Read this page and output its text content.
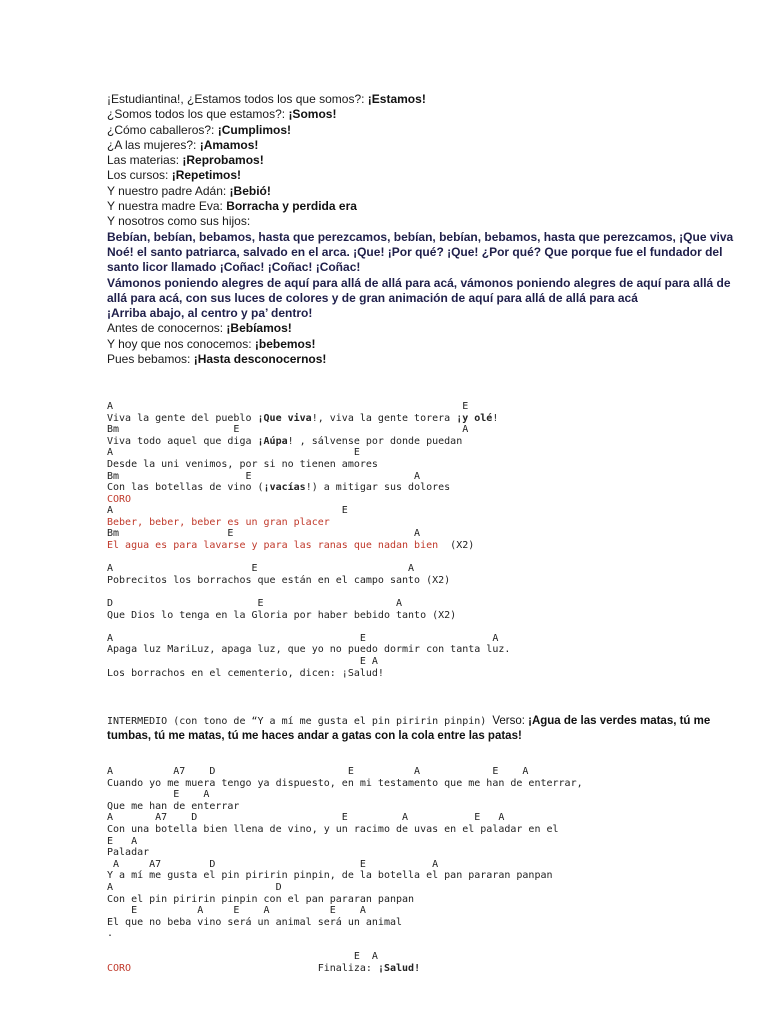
¡Estudiantina!, ¿Estamos todos los que somos?: ¡Estamos!
¿Somos todos los que estamos?: ¡Somos!
¿Cómo caballeros?: ¡Cumplimos!
¿A las mujeres?: ¡Amamos!
Las materias: ¡Reprobamos!
Los cursos: ¡Repetimos!
Y nuestro padre Adán: ¡Bebió!
Y nuestra madre Eva: Borracha y perdida era
Y nosotros como sus hijos:
Bebían, bebían, bebamos, hasta que perezcamos, bebían, bebían, bebamos, hasta que perezcamos, ¡Que viva Noé! el santo patriarca, salvado en el arca. ¡Que! ¡Por qué? ¡Que! ¿Por qué? Que porque fue el fundador del santo licor llamado ¡Coñac! ¡Coñac! ¡Coñac!
Vámonos poniendo alegres de aquí para allá de allá para acá, vámonos poniendo alegres de aquí para allá de allá para acá, con sus luces de colores y de gran animación de aquí para allá de allá para acá
¡Arriba abajo, al centro y pa’ dentro!
Antes de conocernos: ¡Bebíamos!
Y hoy que nos conocemos: ¡bebemos!
Pues bebamos: ¡Hasta desconocernos!

A                                                          E
Viva la gente del pueblo ¡Que viva!, viva la gente torera ¡y olé!
Bm                   E                                     A
Viva todo aquel que diga ¡Aúpa! , sálvense por donde puedan
A                                        E
Desde la uni venimos, por si no tienen amores
Bm                     E                           A
Con las botellas de vino (¡vacías!) a mitigar sus dolores
CORO
A                                      E
Beber, beber, beber es un gran placer
Bm                  E                              A
El agua es para lavarse y para las ranas que nadan bien  (X2)
A                       E                         A
Pobrecitos los borrachos que están en el campo santo (X2)
D                        E                      A
Que Dios lo tenga en la Gloria por haber bebido tanto (X2)
A                                         E                     A
Apaga luz MariLuz, apaga luz, que yo no puedo dormir con tanta luz.
E A
Los borrachos en el cementerio, dicen: ¡Salud!

INTERMEDIO (con tono de “Y a mí me gusta el pin piririn pinpin) Verso: ¡Agua de las verdes matas, tú me tumbas, tú me matas, tú me haces andar a gatas con la cola entre las patas!

A          A7    D                      E          A            E    A
Cuando yo me muera tengo ya dispuesto, en mi testamento que me han de enterrar,
E    A
Que me han de enterrar
A       A7    D                        E         A           E   A
Con una botella bien llena de vino, y un racimo de uvas en el paladar en el
E   A
Paladar
A     A7        D                        E           A
Y a mí me gusta el pin piririn pinpin, de la botella el pan pararan panpan
A                           D
Con el pin piririn pinpin con el pan pararan panpan
E          A     E    A          E    A
El que no beba vino será un animal será un animal
.
E  A
CORO	Finaliza: ¡Salud!
